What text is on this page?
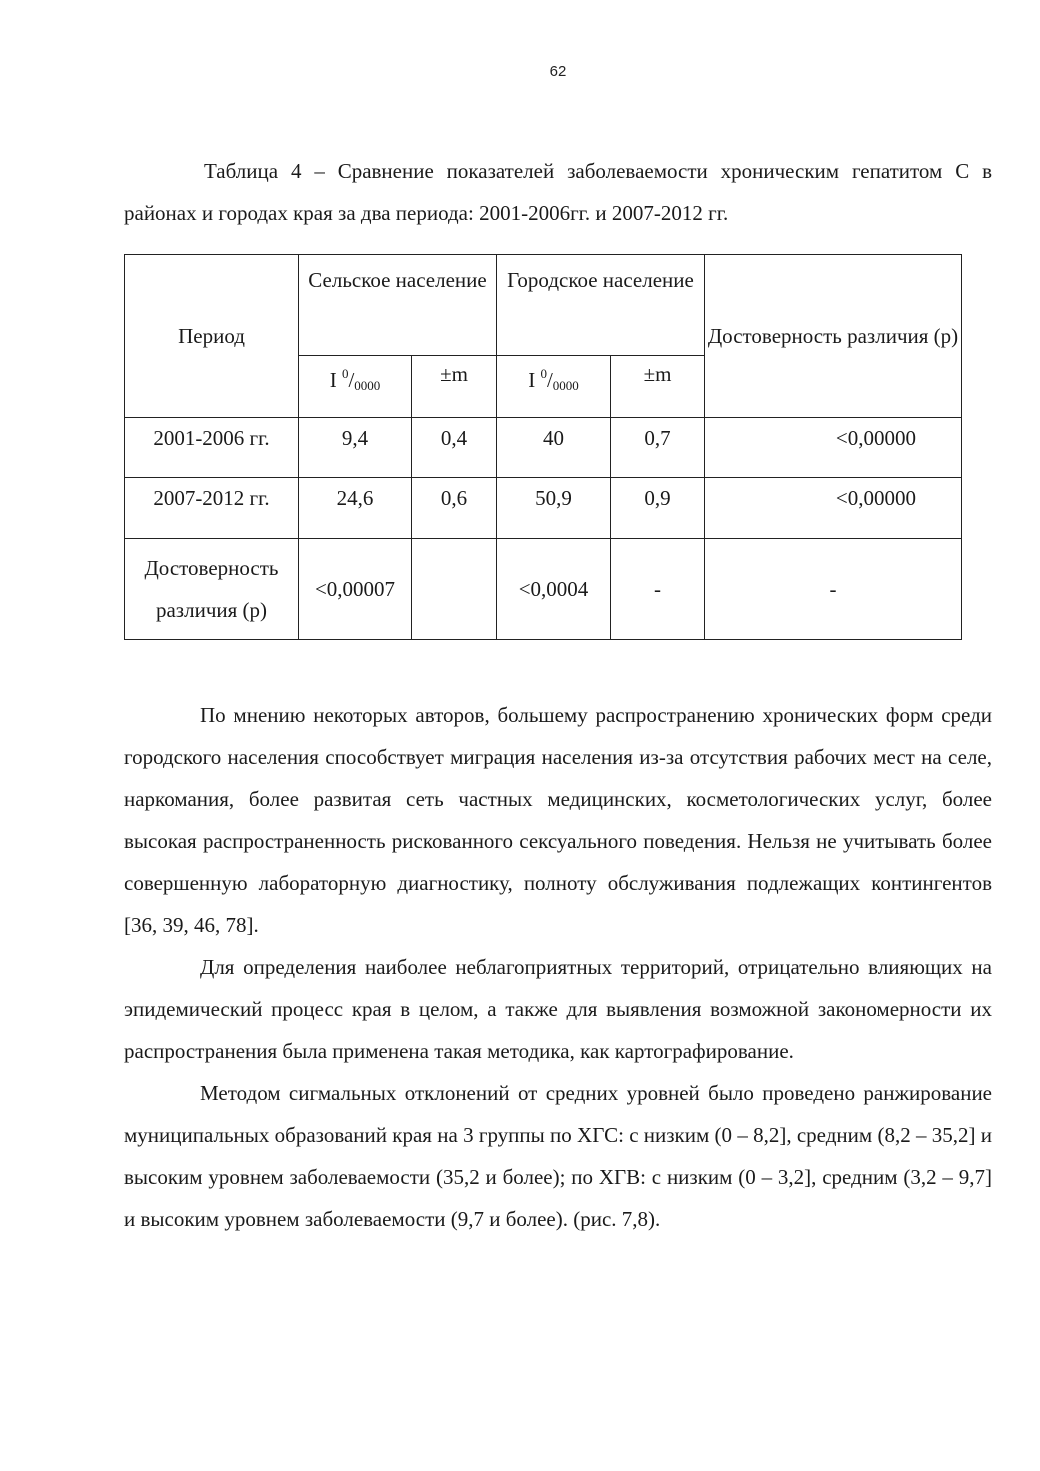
62

Таблица 4 – Сравнение показателей заболеваемости хроническим гепатитом С в районах и городах края за два периода: 2001-2006гг. и 2007-2012 гг.

Период	Сельское население		Городское население		Достоверность различия (р)
	I $^0$/0000	±m	I $^0$/0000	±m	
2001-2006 гг.	9,4	0,4	40	0,7	<0,00000
2007-2012 гг.	24,6	0,6	50,9	0,9	<0,00000
Достоверность различия (р)	<0,00007		<0,0004	-	-

По мнению некоторых авторов, большему распространению хронических форм среди городского населения способствует миграция населения из-за отсутствия рабочих мест на селе, наркомания, более развитая сеть частных медицинских, косметологических услуг, более высокая распространенность рискованного сексуального поведения. Нельзя не учитывать более совершенную лабораторную диагностику, полноту обслуживания подлежащих контингентов [36, 39, 46, 78].

Для определения наиболее неблагоприятных территорий, отрицательно влияющих на эпидемический процесс края в целом, а также для выявления возможной закономерности их распространения была применена такая методика, как картографирование.

Методом сигмальных отклонений от средних уровней было проведено ранжирование муниципальных образований края на 3 группы по ХГС: с низким (0 – 8,2], средним (8,2 – 35,2] и высоким уровнем заболеваемости (35,2 и более); по ХГВ: с низким (0 – 3,2], средним (3,2 – 9,7] и высоким уровнем заболеваемости (9,7 и более). (рис. 7,8).
